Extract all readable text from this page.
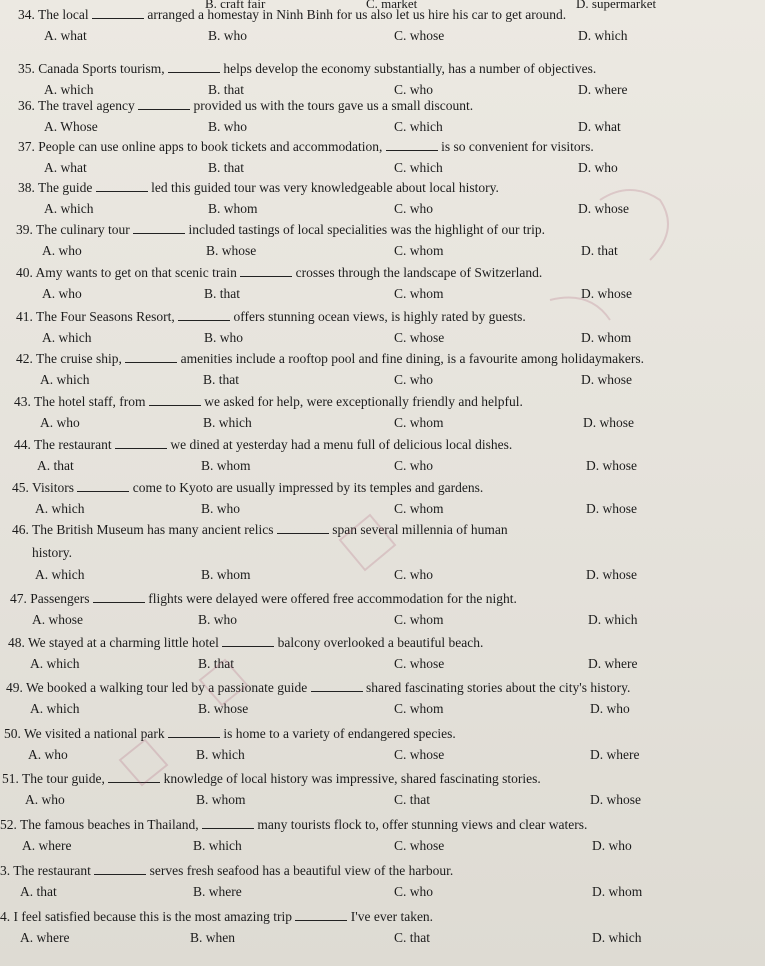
B. craft fair	C. market	D. supermarket
34. The local	arranged a homestay in Ninh Binh for us also let us hire his car to get around.
A. what	B. who	C. whose	D. which
35. Canada Sports tourism,	helps develop the economy substantially, has a number of objectives.
A. which	B. that	C. who	D. where
36. The travel agency	provided us with the tours gave us a small discount.
A. Whose	B. who	C. which	D. what
37. People can use online apps to book tickets and accommodation,	is so convenient for visitors.
A. what	B. that	C. which	D. who
38. The guide	led this guided tour was very knowledgeable about local history.
A. which	B. whom	C. who	D. whose
39. The culinary tour	included tastings of local specialities was the highlight of our trip.
A. who	B. whose	C. whom	D. that
40. Amy wants to get on that scenic train	crosses through the landscape of Switzerland.
A. who	B. that	C. whom	D. whose
41. The Four Seasons Resort,	offers stunning ocean views, is highly rated by guests.
A. which	B. who	C. whose	D. whom
42. The cruise ship,	amenities include a rooftop pool and fine dining, is a favourite among holidaymakers.
A. which	B. that	C. who	D. whose
43. The hotel staff, from	we asked for help, were exceptionally friendly and helpful.
A. who	B. which	C. whom	D. whose
44. The restaurant	we dined at yesterday had a menu full of delicious local dishes.
A. that	B. whom	C. who	D. whose
45. Visitors	come to Kyoto are usually impressed by its temples and gardens.
A. which	B. who	C. whom	D. whose
46. The British Museum has many ancient relics	span several millennia of human
history.
A. which	B. whom	C. who	D. whose
47. Passengers	flights were delayed were offered free accommodation for the night.
A. whose	B. who	C. whom	D. which
48. We stayed at a charming little hotel	balcony overlooked a beautiful beach.
A. which	B. that	C. whose	D. where
49. We booked a walking tour led by a passionate guide	shared fascinating stories about the city's history.
A. which	B. whose	C. whom	D. who
50. We visited a national park	is home to a variety of endangered species.
A. who	B. which	C. whose	D. where
51. The tour guide,	knowledge of local history was impressive, shared fascinating stories.
A. who	B. whom	C. that	D. whose
52. The famous beaches in Thailand,	many tourists flock to, offer stunning views and clear waters.
A. where	B. which	C. whose	D. who
3. The restaurant	serves fresh seafood has a beautiful view of the harbour.
A. that	B. where	C. who	D. whom
4. I feel satisfied because this is the most amazing trip	I've ever taken.
A. where	B. when	C. that	D. which
